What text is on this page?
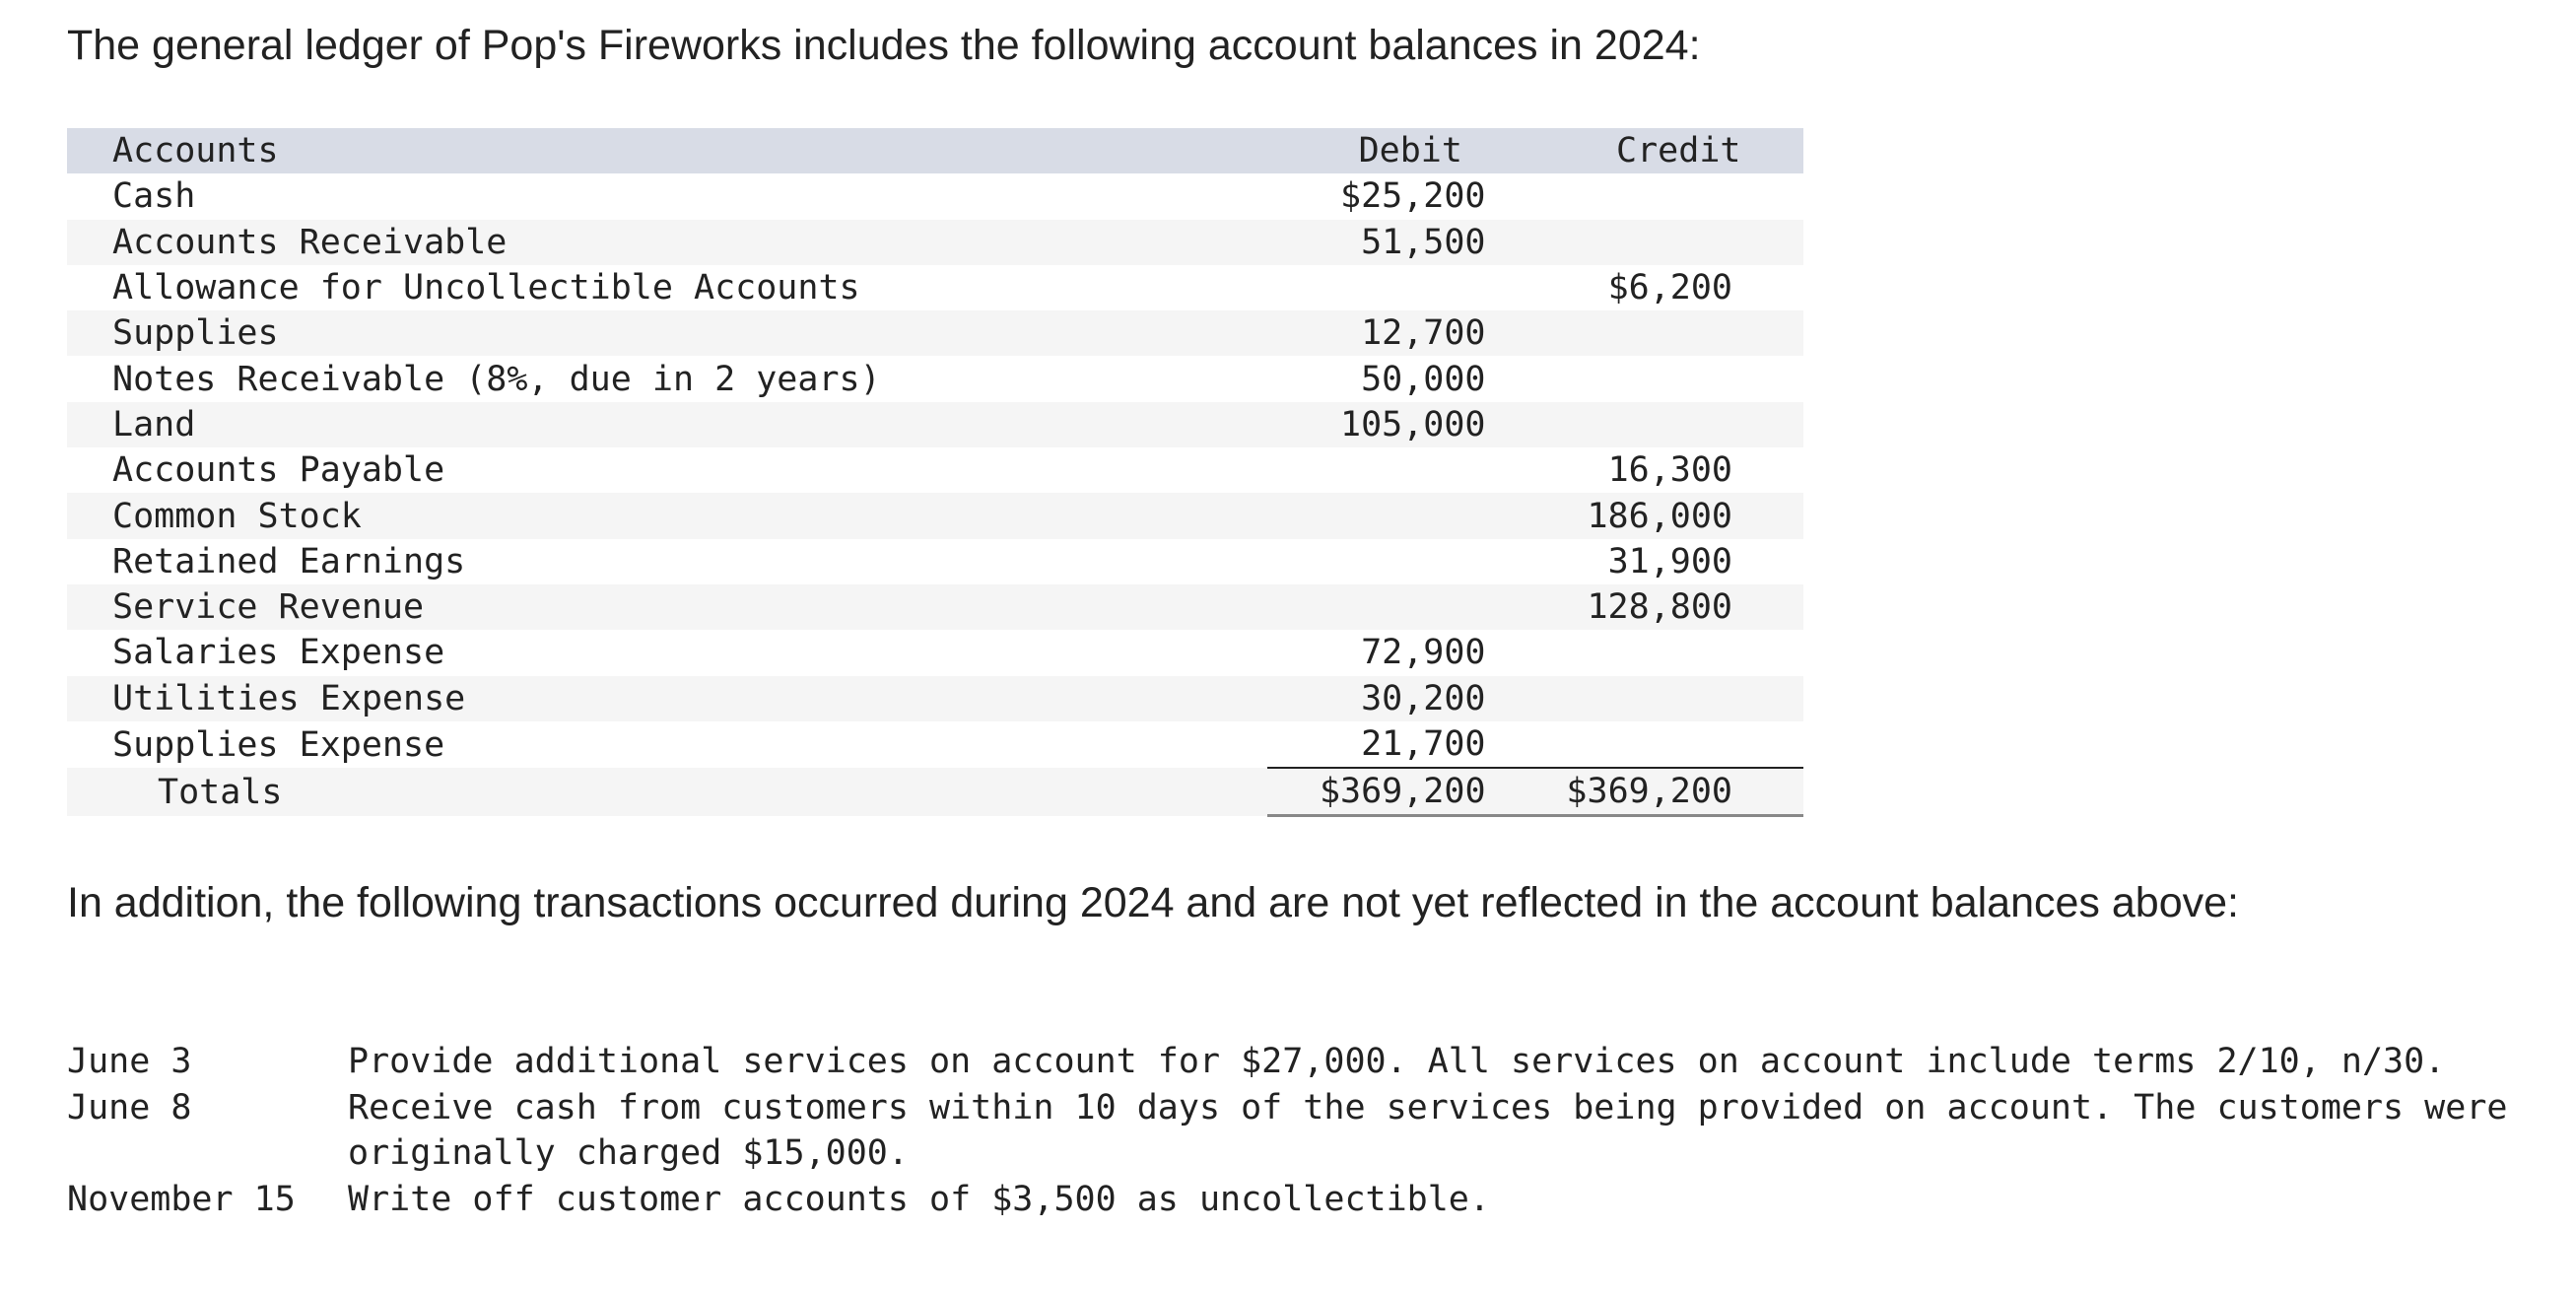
The general ledger of Pop's Fireworks includes the following account balances in 2024:

Accounts	Debit	Credit
Cash	$25,200	
Accounts Receivable	51,500	
Allowance for Uncollectible Accounts		$6,200
Supplies	12,700	
Notes Receivable (8%, due in 2 years)	50,000	
Land	105,000	
Accounts Payable		16,300
Common Stock		186,000
Retained Earnings		31,900
Service Revenue		128,800
Salaries Expense	72,900	
Utilities Expense	30,200	
Supplies Expense	21,700	
Totals	$369,200	$369,200

In addition, the following transactions occurred during 2024 and are not yet reflected in the account balances above:

June 3	Provide additional services on account for $27,000. All services on account include terms 2/10, n/30.
June 8	Receive cash from customers within 10 days of the services being provided on account. The customers were originally charged $15,000.
November 15	Write off customer accounts of $3,500 as uncollectible.
